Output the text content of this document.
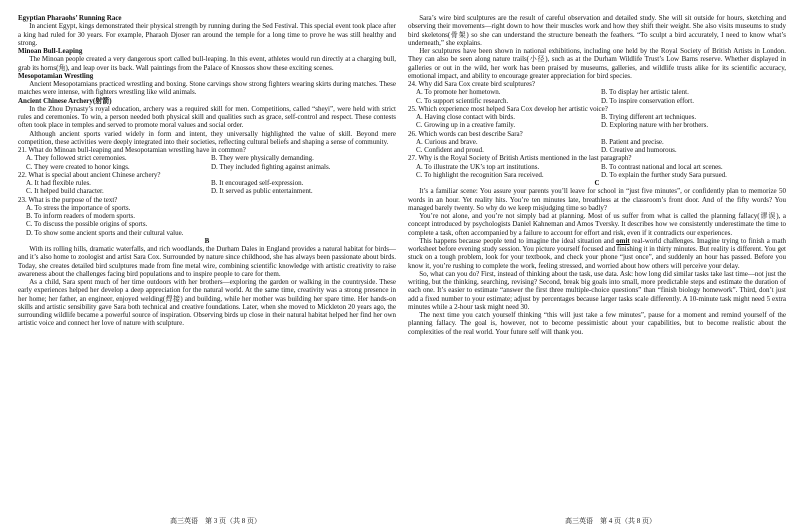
Egyptian Pharaohs’ Running Race
In ancient Egypt, kings demonstrated their physical strength by running during the Sed Festival. This special event took place after a king had ruled for 30 years. For example, Pharaoh Djoser ran around the temple for a long time to prove he was still healthy and strong.
Minoan Bull-Leaping
The Minoan people created a very dangerous sport called bull-leaping. In this event, athletes would run directly at a charging bull, grab its horns(角), and leap over its back. Wall paintings from the Palace of Knossos show these exciting scenes.
Mesopotamian Wrestling
Ancient Mesopotamians practiced wrestling and boxing. Stone carvings show strong fighters wearing skirts during matches. These matches were intense, with fighters wrestling like wild animals.
Ancient Chinese Archery(射箭)
In the Zhou Dynasty’s royal education, archery was a required skill for men. Competitions, called “sheyi”, were held with strict rules and ceremonies. To win, a person needed both physical skill and qualities such as grace, self-control and respect. These contests often took place in temples and served to promote moral values and social order.
Although ancient sports varied widely in form and intent, they universally highlighted the value of skill. Beyond mere competition, these activities were deeply integrated into their societies, reflecting cultural beliefs and shaping a sense of community.
21. What do Minoan bull-leaping and Mesopotamian wrestling have in common?
A. They followed strict ceremonies.	B. They were physically demanding.
C. They were created to honor kings.	D. They included fighting against animals.
22. What is special about ancient Chinese archery?
A. It had flexible rules.	B. It encouraged self-expression.
C. It helped build character.	D. It served as public entertainment.
23. What is the purpose of the text?
A. To stress the importance of sports.
B. To inform readers of modern sports.
C. To discuss the possible origins of sports.
D. To show some ancient sports and their cultural value.
B
With its rolling hills, dramatic waterfalls, and rich woodlands, the Durham Dales in England provides a natural habitat for birds—and it’s also home to zoologist and artist Sara Cox. Surrounded by nature since childhood, she has always been passionate about birds. Today, she creates detailed bird sculptures made from fine metal wire, combining scientific knowledge with artistic creativity to raise awareness about the challenges facing bird populations and to inspire people to care for them.
As a child, Sara spent much of her time outdoors with her brothers—exploring the garden or walking in the countryside. These early experiences helped her develop a deep appreciation for the natural world. At the same time, creativity was a strong presence in her home; her father, an engineer, enjoyed welding(焊接) and building, while her mother was building her spare time. Her hands-on skills and artistic sensibility gave Sara both technical and creative foundations. Later, when she moved to Mickleton 20 years ago, the surrounding wildlife became a powerful source of inspiration. Observing birds up close in their natural habitat helped her find her own artistic voice and connect her love of nature with sculpture.
Sara’s wire bird sculptures are the result of careful observation and detailed study. She will sit outside for hours, sketching and observing their movements—right down to how their muscles work and how they shift their weight. She also visits museums to study bird skeletons(骨架) so she can understand the structure beneath the feathers. “To sculpt a bird accurately, I need to know what’s underneath,” she explains.
Her sculptures have been shown in national exhibitions, including one held by the Royal Society of British Artists in London. They can also be seen along nature trails(小径), such as at the Durham Wildlife Trust’s Low Barns reserve. Whether displayed in galleries or out in the wild, her work has been praised by museums, galleries, and wildlife trusts alike for its scientific accuracy, emotional impact, and ability to encourage greater appreciation for bird species.
24. Why did Sara Cox create bird sculptures?
A. To promote her hometown.	B. To display her artistic talent.
C. To support scientific research.	D. To inspire conservation effort.
25. Which experience most helped Sara Cox develop her artistic voice?
A. Having close contact with birds.	B. Trying different art techniques.
C. Growing up in a creative family.	D. Exploring nature with her brothers.
26. Which words can best describe Sara?
A. Curious and brave.	B. Patient and precise.
C. Confident and proud.	D. Creative and humorous.
27. Why is the Royal Society of British Artists mentioned in the last paragraph?
A. To illustrate the UK’s top art institutions.	B. To contrast national and local art scenes.
C. To highlight the recognition Sara received.	D. To explain the further study Sara pursued.
C
It’s a familiar scene: You assure your parents you’ll leave for school in “just five minutes”, or confidently plan to memorize 50 words in an hour. Yet reality hits. You’re ten minutes late, breathless at the classroom’s front door. And of the fifty words? You managed barely twenty. So why do we keep misjudging time so badly?
You’re not alone, and you’re not simply bad at planning. Most of us suffer from what is called the planning fallacy(谬误), a concept introduced by psychologists Daniel Kahneman and Amos Tversky. It describes how we consistently underestimate the time to complete a task, often accompanied by a failure to account for effort and risk, even if it contradicts our experiences.
This happens because people tend to imagine the ideal situation and omit real-world challenges. Imagine trying to finish a math worksheet before evening study session. You picture yourself focused and finishing it in thirty minutes. But reality is different. You get stuck on a tough problem, look for your textbook, and check your phone “just once”, and suddenly an hour has passed. Before you know it, you’re rushing to complete the work, feeling stressed, and worried about how others will perceive your delay.
So, what can you do? First, instead of thinking about the task, use data. Ask: how long did similar tasks take last time—not just the writing, but the thinking, searching, revising? Second, break big goals into small, more predictable steps and estimate the duration of each one. It’s easier to estimate “answer the first three multiple-choice questions” than “finish biology homework”. Third, don’t just add a fixed number to your estimate; adjust by percentages because larger tasks scale differently. A 10-minute task might need 5 extra minutes while a 2-hour task might need 30.
The next time you catch yourself thinking “this will just take a few minutes”, pause for a moment and remind yourself of the planning fallacy. The goal is, however, not to become pessimistic about your capabilities, but to become realistic about the complexities of the real world. Your future self will thank you.
高三英语　第 3 页（共 8 页）	高三英语　第 4 页（共 8 页）
